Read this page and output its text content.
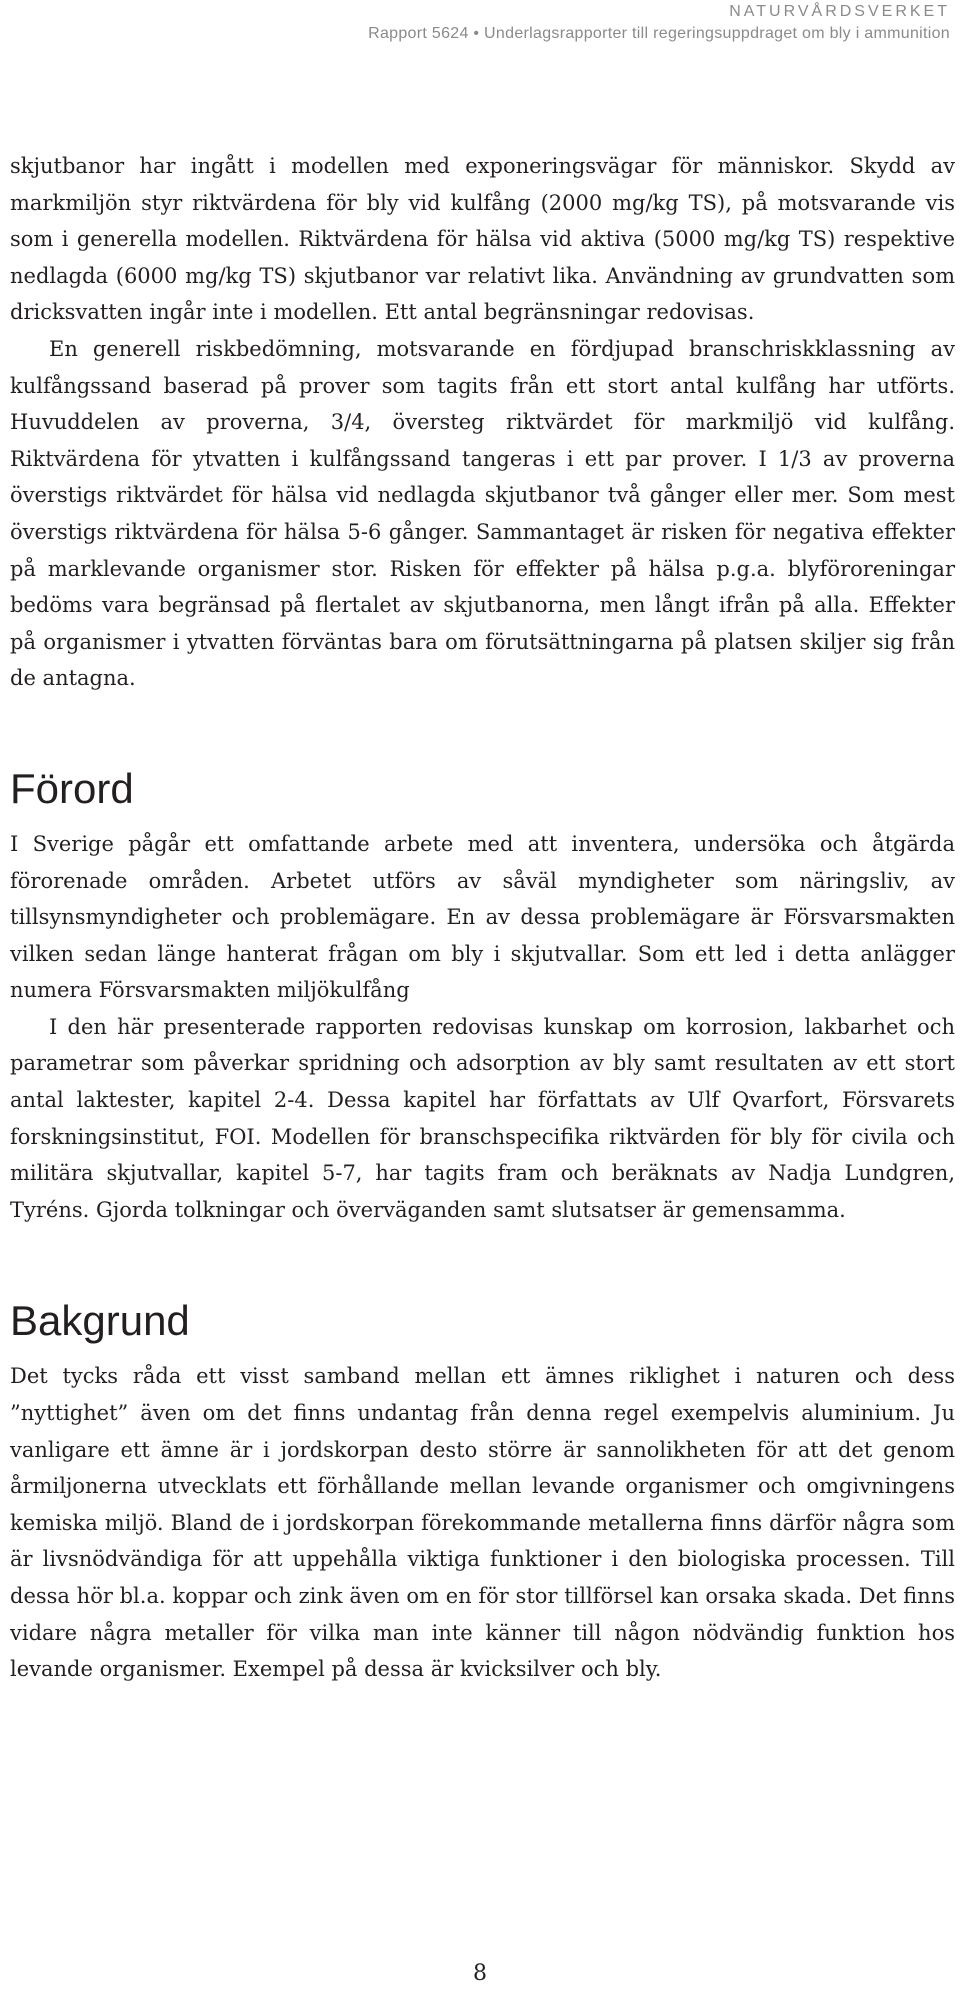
NATURVÅRDSVERKET
Rapport 5624 • Underlagsrapporter till regeringsuppdraget om bly i ammunition

skjutbanor har ingått i modellen med exponeringsvägar för människor. Skydd av markmiljön styr riktvärdena för bly vid kulfång (2000 mg/kg TS), på motsvarande vis som i generella modellen. Riktvärdena för hälsa vid aktiva (5000 mg/kg TS) respektive nedlagda (6000 mg/kg TS) skjutbanor var relativt lika. Användning av grundvatten som dricksvatten ingår inte i modellen. Ett antal begränsningar redovisas.

En generell riskbedömning, motsvarande en fördjupad branschriskklassning av kulfångssand baserad på prover som tagits från ett stort antal kulfång har utförts. Huvuddelen av proverna, 3/4, översteg riktvärdet för markmiljö vid kulfång. Riktvärdena för ytvatten i kulfångssand tangeras i ett par prover. I 1/3 av proverna överstigs riktvärdet för hälsa vid nedlagda skjutbanor två gånger eller mer. Som mest överstigs riktvärdena för hälsa 5-6 gånger. Sammantaget är risken för negativa effekter på marklevande organismer stor. Risken för effekter på hälsa p.g.a. blyföroreningar bedöms vara begränsad på flertalet av skjutbanorna, men långt ifrån på alla. Effekter på organismer i ytvatten förväntas bara om förutsättningarna på platsen skiljer sig från de antagna.

Förord

I Sverige pågår ett omfattande arbete med att inventera, undersöka och åtgärda förorenade områden. Arbetet utförs av såväl myndigheter som näringsliv, av tillsynsmyndigheter och problemägare. En av dessa problemägare är Försvarsmakten vilken sedan länge hanterat frågan om bly i skjutvallar. Som ett led i detta anlägger numera Försvarsmakten miljökulfång

I den här presenterade rapporten redovisas kunskap om korrosion, lakbarhet och parametrar som påverkar spridning och adsorption av bly samt resultaten av ett stort antal laktester, kapitel 2-4. Dessa kapitel har författats av Ulf Qvarfort, Försvarets forskningsinstitut, FOI. Modellen för branschspecifika riktvärden för bly för civila och militära skjutvallar, kapitel 5-7, har tagits fram och beräknats av Nadja Lundgren, Tyréns. Gjorda tolkningar och överväganden samt slutsatser är gemensamma.

Bakgrund

Det tycks råda ett visst samband mellan ett ämnes riklighet i naturen och dess ”nyttighet” även om det finns undantag från denna regel exempelvis aluminium. Ju vanligare ett ämne är i jordskorpan desto större är sannolikheten för att det genom årmiljonerna utvecklats ett förhållande mellan levande organismer och omgivningens kemiska miljö. Bland de i jordskorpan förekommande metallerna finns därför några som är livsnödvändiga för att uppehålla viktiga funktioner i den biologiska processen. Till dessa hör bl.a. koppar och zink även om en för stor tillförsel kan orsaka skada. Det finns vidare några metaller för vilka man inte känner till någon nödvändig funktion hos levande organismer. Exempel på dessa är kvicksilver och bly.

8
